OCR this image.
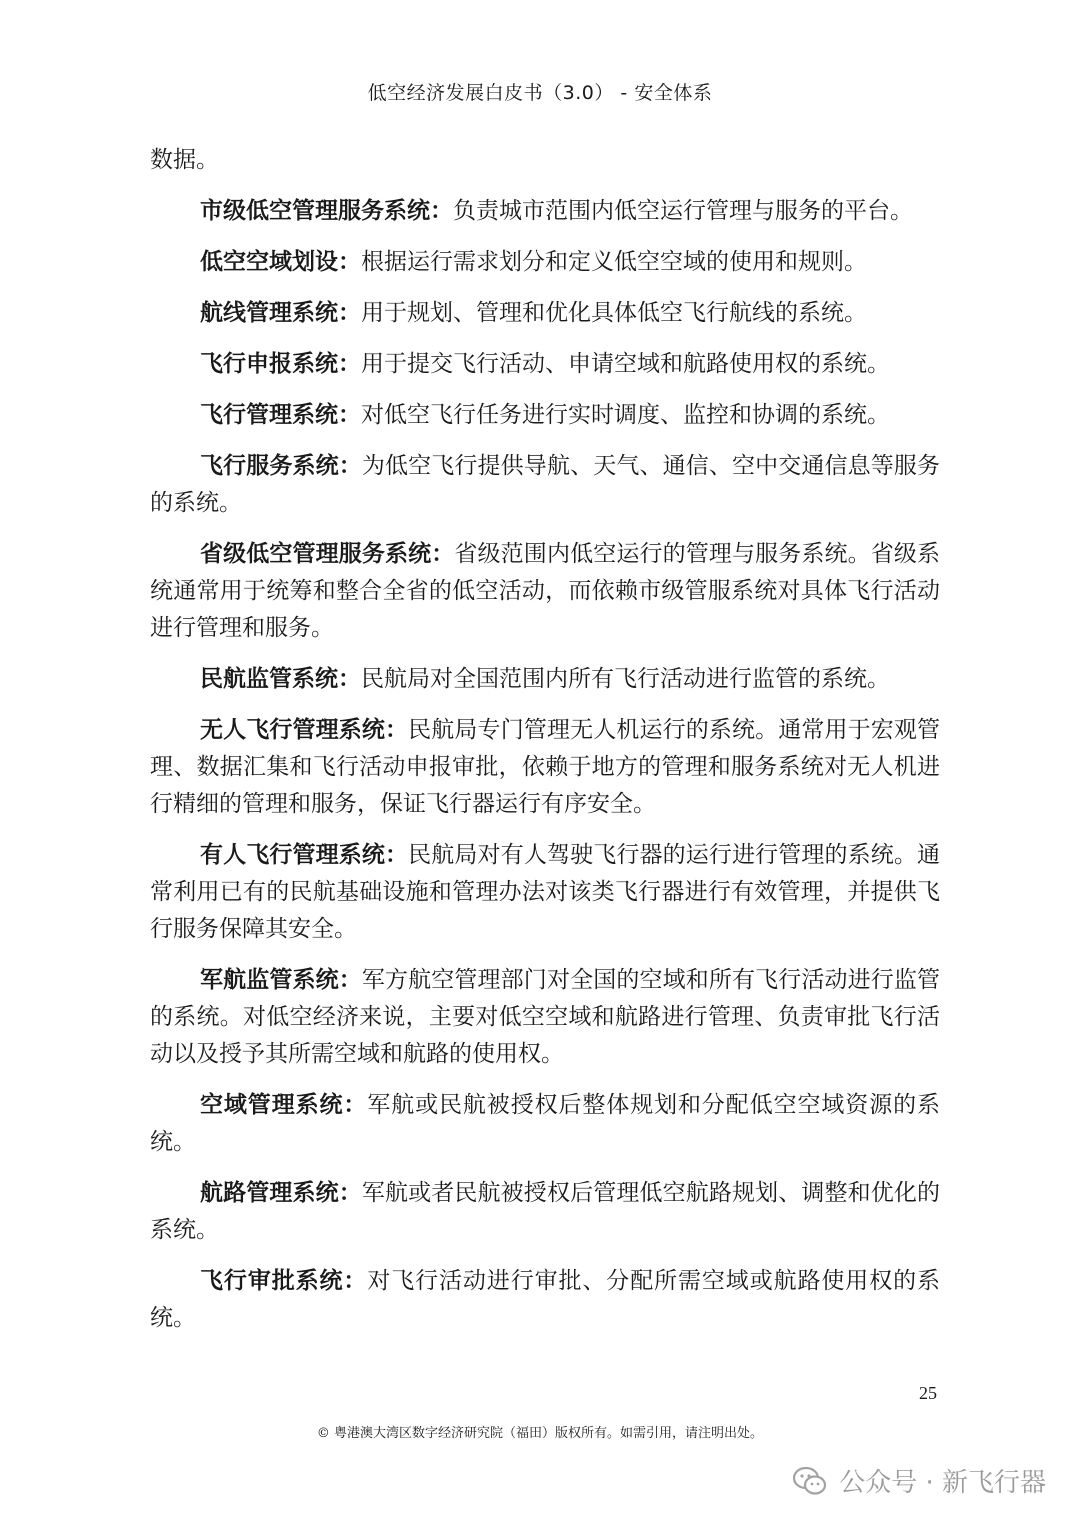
低空经济发展白皮书（3.0） - 安全体系

数据。

市级低空管理服务系统：负责城市范围内低空运行管理与服务的平台。

低空空域划设：根据运行需求划分和定义低空空域的使用和规则。

航线管理系统：用于规划、管理和优化具体低空飞行航线的系统。

飞行申报系统：用于提交飞行活动、申请空域和航路使用权的系统。

飞行管理系统：对低空飞行任务进行实时调度、监控和协调的系统。

飞行服务系统：为低空飞行提供导航、天气、通信、空中交通信息等服务的系统。

省级低空管理服务系统：省级范围内低空运行的管理与服务系统。省级系统通常用于统筹和整合全省的低空活动，而依赖市级管服系统对具体飞行活动进行管理和服务。

民航监管系统：民航局对全国范围内所有飞行活动进行监管的系统。

无人飞行管理系统：民航局专门管理无人机运行的系统。通常用于宏观管理、数据汇集和飞行活动申报审批，依赖于地方的管理和服务系统对无人机进行精细的管理和服务，保证飞行器运行有序安全。

有人飞行管理系统：民航局对有人驾驶飞行器的运行进行管理的系统。通常利用已有的民航基础设施和管理办法对该类飞行器进行有效管理，并提供飞行服务保障其安全。

军航监管系统：军方航空管理部门对全国的空域和所有飞行活动进行监管的系统。对低空经济来说，主要对低空空域和航路进行管理、负责审批飞行活动以及授予其所需空域和航路的使用权。

空域管理系统：军航或民航被授权后整体规划和分配低空空域资源的系统。

航路管理系统：军航或者民航被授权后管理低空航路规划、调整和优化的系统。

飞行审批系统：对飞行活动进行审批、分配所需空域或航路使用权的系统。

25
© 粤港澳大湾区数字经济研究院（福田）版权所有。如需引用，请注明出处。
公众号 · 新飞行器
